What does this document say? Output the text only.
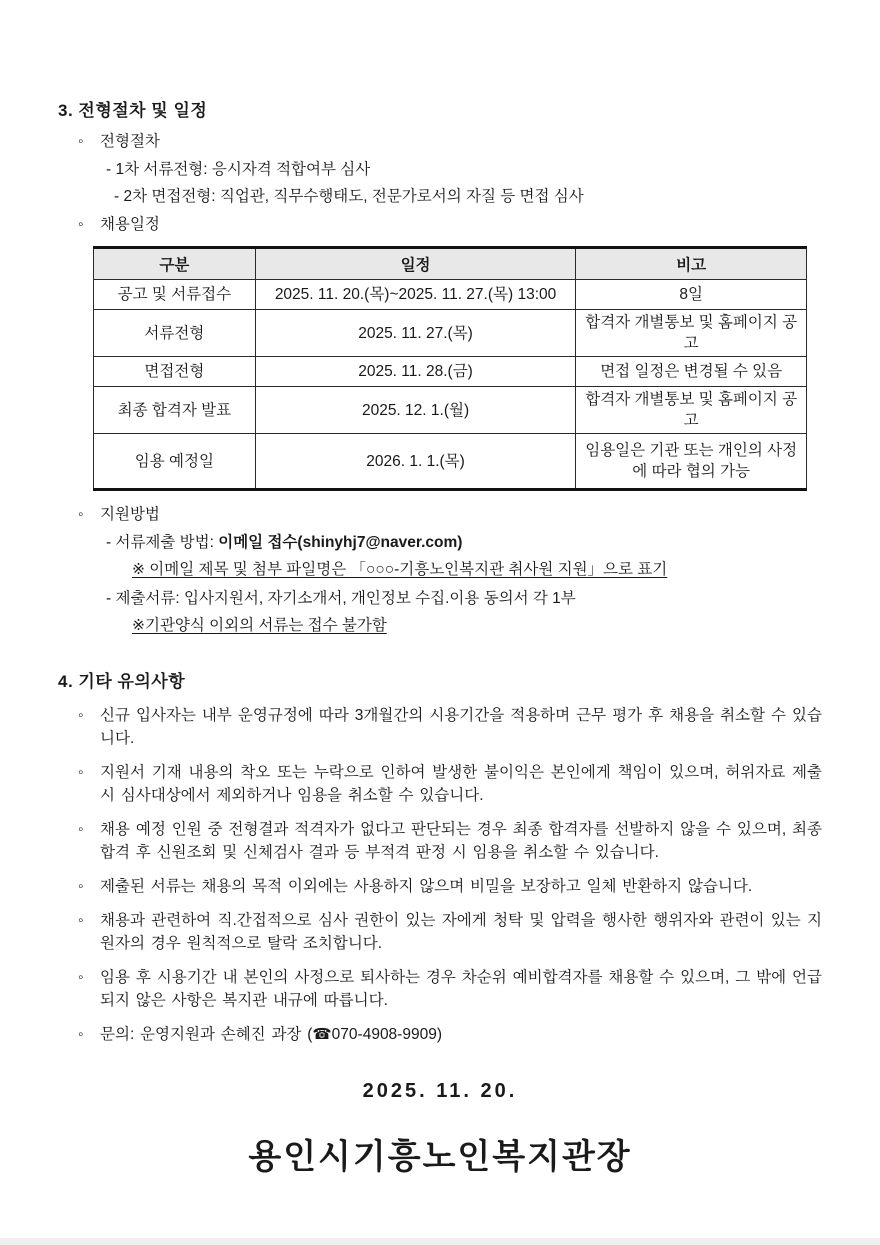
3. 전형절차 및 일정
◦	전형절차
- 1차 서류전형: 응시자격 적합여부 심사
- 2차 면접전형: 직업관, 직무수행태도, 전문가로서의 자질 등 면접 심사
◦	채용일정
구분	일정	비고
공고 및 서류접수	2025. 11. 20.(목)~2025. 11. 27.(목) 13:00	8일
서류전형	2025. 11. 27.(목)	합격자 개별통보 및 홈페이지 공고
면접전형	2025. 11. 28.(금)	면접 일정은 변경될 수 있음
최종 합격자 발표	2025. 12. 1.(월)	합격자 개별통보 및 홈페이지 공고
임용 예정일	2026. 1. 1.(목)	임용일은 기관 또는 개인의 사정에 따라 협의 가능
◦	지원방법
- 서류제출 방법: 이메일 접수(shinyhj7@naver.com)
※ 이메일 제목 및 첨부 파일명은 「○○○-기흥노인복지관 취사원 지원」으로 표기
- 제출서류: 입사지원서, 자기소개서, 개인정보 수집.이용 동의서 각 1부
※기관양식 이외의 서류는 접수 불가함
4. 기타 유의사항
◦	신규 입사자는 내부 운영규정에 따라 3개월간의 시용기간을 적용하며 근무 평가 후 채용을 취소할 수 있습니다.
◦	지원서 기재 내용의 착오 또는 누락으로 인하여 발생한 불이익은 본인에게 책임이 있으며, 허위자료 제출 시 심사대상에서 제외하거나 임용을 취소할 수 있습니다.
◦	채용 예정 인원 중 전형결과 적격자가 없다고 판단되는 경우 최종 합격자를 선발하지 않을 수 있으며, 최종 합격 후 신원조회 및 신체검사 결과 등 부적격 판정 시 임용을 취소할 수 있습니다.
◦	제출된 서류는 채용의 목적 이외에는 사용하지 않으며 비밀을 보장하고 일체 반환하지 않습니다.
◦	채용과 관련하여 직.간접적으로 심사 권한이 있는 자에게 청탁 및 압력을 행사한 행위자와 관련이 있는 지원자의 경우 원칙적으로 탈락 조치합니다.
◦	임용 후 시용기간 내 본인의 사정으로 퇴사하는 경우 차순위 예비합격자를 채용할 수 있으며, 그 밖에 언급되지 않은 사항은 복지관 내규에 따릅니다.
◦	문의: 운영지원과 손혜진 과장 (☎070-4908-9909)
2025. 11. 20.
용인시기흥노인복지관장
